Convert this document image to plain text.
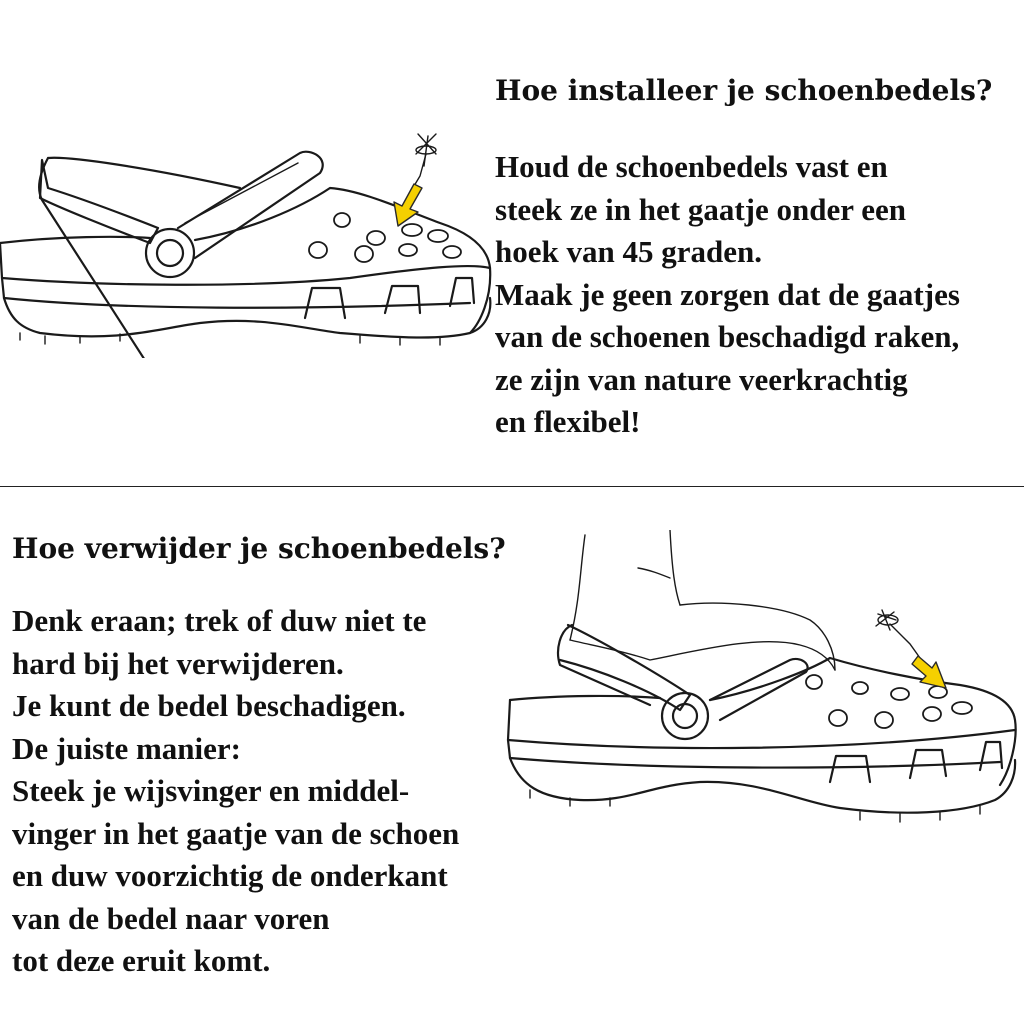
Hoe installeer je schoenbedels?
Houd de schoenbedels vast en
steek ze in het gaatje onder een
hoek van 45 graden.
Maak je geen zorgen dat de gaatjes
van de schoenen beschadigd raken,
ze zijn van nature veerkrachtig
en flexibel!
Hoe verwijder je schoenbedels?
Denk eraan; trek of duw niet te
hard bij het verwijderen.
Je kunt de bedel beschadigen.
De juiste manier:
Steek je wijsvinger en middel-
vinger in het gaatje van de schoen
en duw voorzichtig de onderkant
van de bedel naar voren
tot deze eruit komt.
